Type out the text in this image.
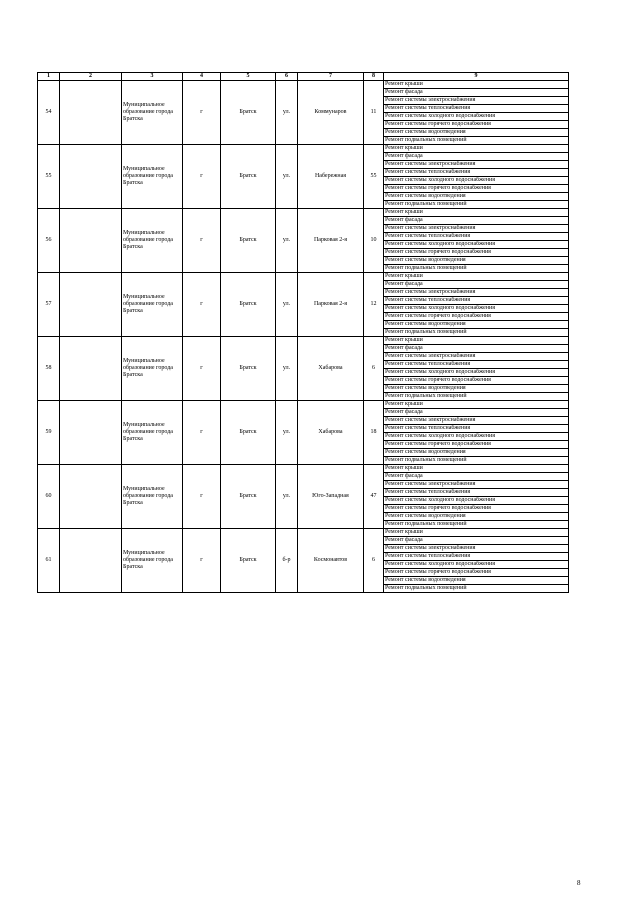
1	2	3	4	5	6	7	8	9
54		Муниципальное образование города Братска	г	Братск	ул.	Коммунаров	11	Ремонт крыши
								Ремонт фасада
								Ремонт системы электроснабжения
								Ремонт системы теплоснабжения
								Ремонт системы холодного водоснабжения
								Ремонт системы горячего водоснабжения
								Ремонт системы водоотведения
								Ремонт подвальных помещений
55		Муниципальное образование города Братска	г	Братск	ул.	Набережная	55	Ремонт крыши
								Ремонт фасада
								Ремонт системы электроснабжения
								Ремонт системы теплоснабжения
								Ремонт системы холодного водоснабжения
								Ремонт системы горячего водоснабжения
								Ремонт системы водоотведения
								Ремонт подвальных помещений
56		Муниципальное образование города Братска	г	Братск	ул.	Парковая 2-я	10	Ремонт крыши
								Ремонт фасада
								Ремонт системы электроснабжения
								Ремонт системы теплоснабжения
								Ремонт системы холодного водоснабжения
								Ремонт системы горячего водоснабжения
								Ремонт системы водоотведения
								Ремонт подвальных помещений
57		Муниципальное образование города Братска	г	Братск	ул.	Парковая 2-я	12	Ремонт крыши
								Ремонт фасада
								Ремонт системы электроснабжения
								Ремонт системы теплоснабжения
								Ремонт системы холодного водоснабжения
								Ремонт системы горячего водоснабжения
								Ремонт системы водоотведения
								Ремонт подвальных помещений
58		Муниципальное образование города Братска	г	Братск	ул.	Хабарова	6	Ремонт крыши
								Ремонт фасада
								Ремонт системы электроснабжения
								Ремонт системы теплоснабжения
								Ремонт системы холодного водоснабжения
								Ремонт системы горячего водоснабжения
								Ремонт системы водоотведения
								Ремонт подвальных помещений
59		Муниципальное образование города Братска	г	Братск	ул.	Хабарова	18	Ремонт крыши
								Ремонт фасада
								Ремонт системы электроснабжения
								Ремонт системы теплоснабжения
								Ремонт системы холодного водоснабжения
								Ремонт системы горячего водоснабжения
								Ремонт системы водоотведения
								Ремонт подвальных помещений
60		Муниципальное образование города Братска	г	Братск	ул.	Юго-Западная	47	Ремонт крыши
								Ремонт фасада
								Ремонт системы электроснабжения
								Ремонт системы теплоснабжения
								Ремонт системы холодного водоснабжения
								Ремонт системы горячего водоснабжения
								Ремонт системы водоотведения
								Ремонт подвальных помещений
61		Муниципальное образование города Братска	г	Братск	б-р	Космонавтов	6	Ремонт крыши
								Ремонт фасада
								Ремонт системы электроснабжения
								Ремонт системы теплоснабжения
								Ремонт системы холодного водоснабжения
								Ремонт системы горячего водоснабжения
								Ремонт системы водоотведения
								Ремонт подвальных помещений
8
